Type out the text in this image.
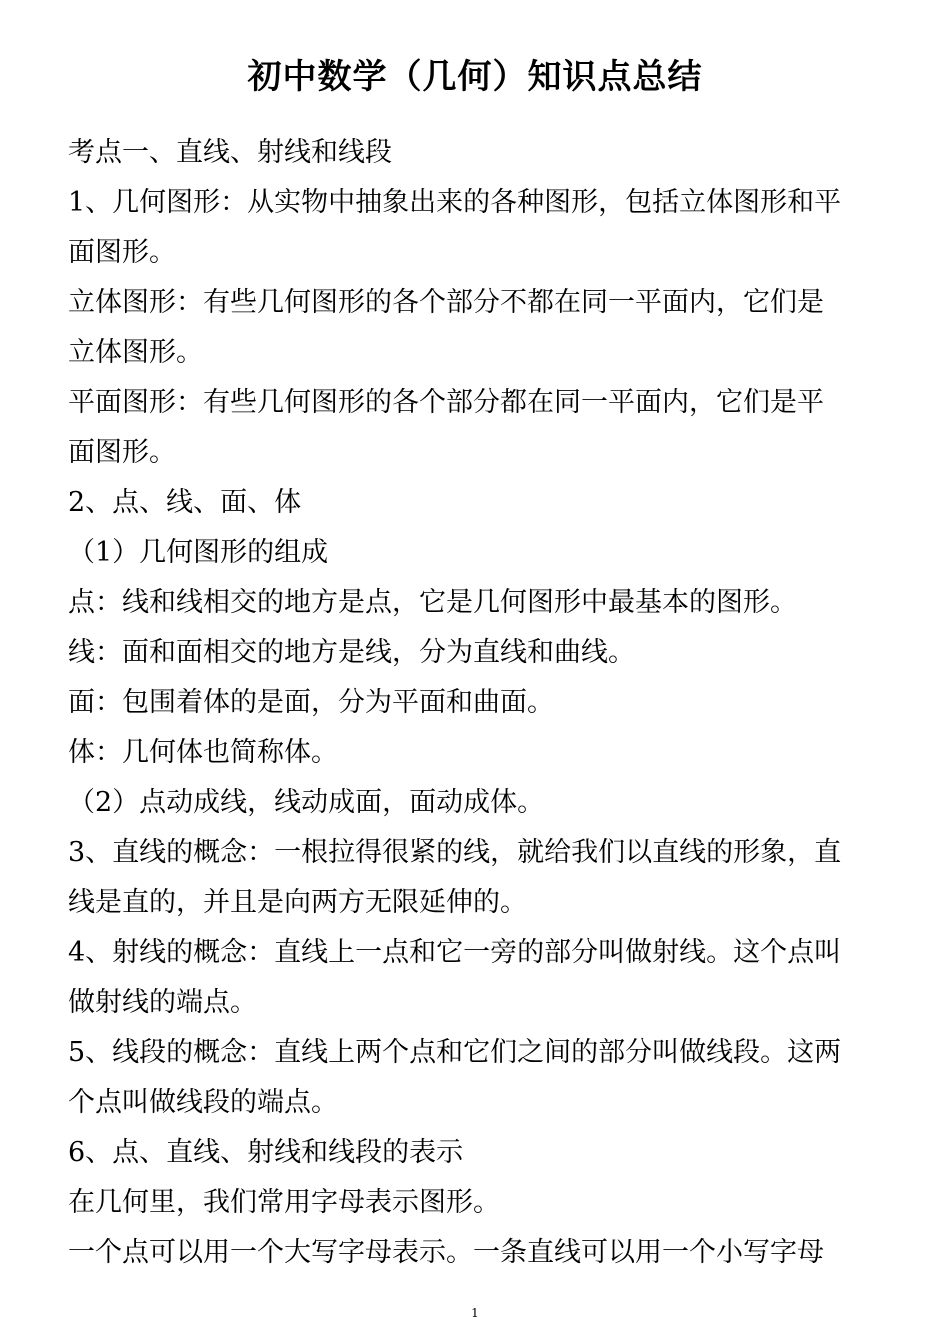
初中数学（几何）知识点总结
考点一、直线、射线和线段
1、几何图形：从实物中抽象出来的各种图形，包括立体图形和平
面图形。
立体图形：有些几何图形的各个部分不都在同一平面内，它们是
立体图形。
平面图形：有些几何图形的各个部分都在同一平面内，它们是平
面图形。
2、点、线、面、体
（1）几何图形的组成
点：线和线相交的地方是点，它是几何图形中最基本的图形。
线：面和面相交的地方是线，分为直线和曲线。
面：包围着体的是面，分为平面和曲面。
体：几何体也简称体。
（2）点动成线，线动成面，面动成体。
3、直线的概念：一根拉得很紧的线，就给我们以直线的形象，直
线是直的，并且是向两方无限延伸的。
4、射线的概念：直线上一点和它一旁的部分叫做射线。这个点叫
做射线的端点。
5、线段的概念：直线上两个点和它们之间的部分叫做线段。这两
个点叫做线段的端点。
6、点、直线、射线和线段的表示
在几何里，我们常用字母表示图形。
一个点可以用一个大写字母表示。一条直线可以用一个小写字母
1
